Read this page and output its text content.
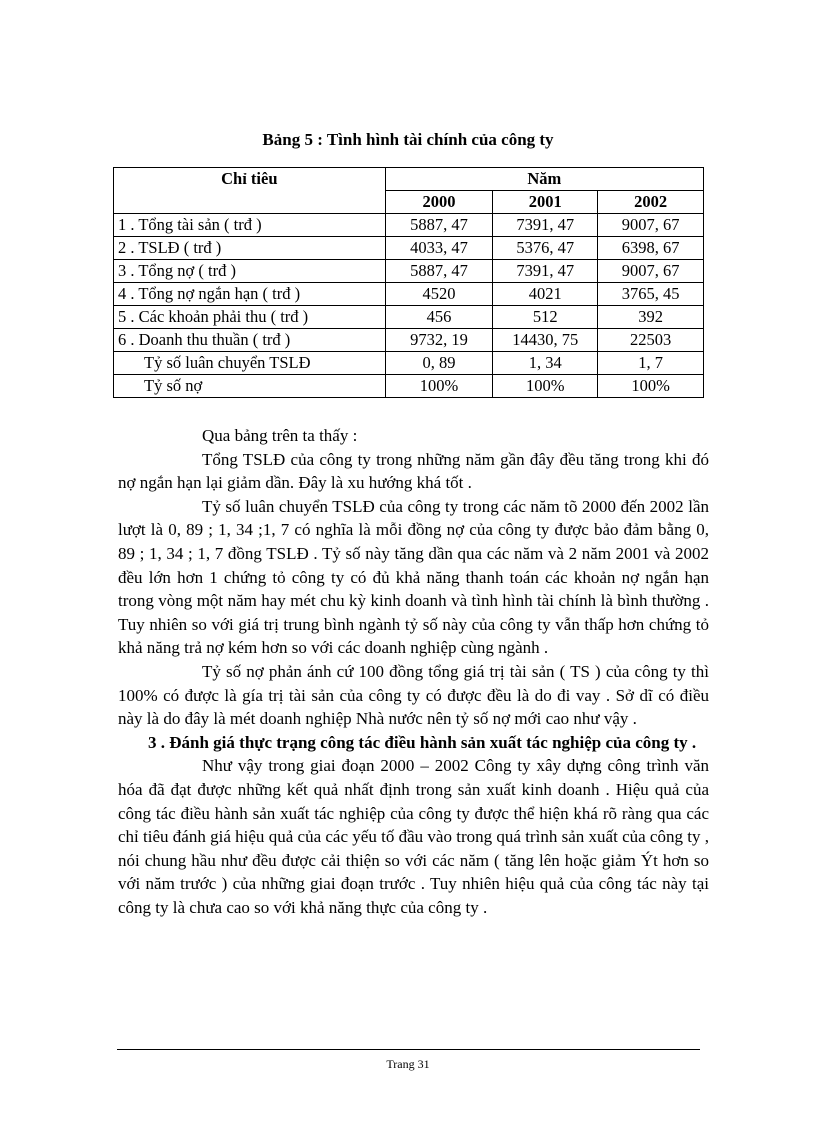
Bảng 5 : Tình hình tài chính của công ty
Chỉ tiêu	Năm		
	2000	2001	2002
1 . Tổng tài sản ( trđ )	5887, 47	7391, 47	9007, 67
2 . TSLĐ ( trđ )	4033, 47	5376, 47	6398, 67
3 . Tổng nợ ( trđ )	5887, 47	7391, 47	9007, 67
4 . Tổng nợ ngắn hạn ( trđ )	4520	4021	3765, 45
5 . Các khoản phải thu ( trđ )	456	512	392
6 . Doanh thu thuần ( trđ )	9732, 19	14430, 75	22503
Tỷ số luân chuyển TSLĐ	0, 89	1, 34	1, 7
Tỷ số nợ	100%	100%	100%

Qua bảng trên ta thấy :

Tổng TSLĐ của công ty trong những năm gần đây đều tăng trong khi đó nợ ngắn hạn lại giảm dần. Đây là xu hướng khá tốt .

Tỷ số luân chuyển TSLĐ của công ty trong các năm tõ 2000 đến 2002 lần lượt là 0, 89 ; 1, 34 ;1, 7 có nghĩa là mỗi đồng nợ của công ty được bảo đảm bằng 0, 89 ; 1, 34 ; 1, 7 đồng TSLĐ . Tỷ số này tăng dần qua các năm và 2 năm 2001 và 2002 đều lớn hơn 1 chứng tỏ công ty có đủ khả năng thanh toán các khoản nợ ngắn hạn trong vòng một năm hay mét chu kỳ kinh doanh và tình hình tài chính là bình thường . Tuy nhiên so với giá trị trung bình ngành tỷ số này của công ty vẫn thấp hơn chứng tỏ khả năng trả nợ kém hơn so với các doanh nghiệp cùng ngành .

Tỷ số nợ phản ánh cứ 100 đồng tổng giá trị tài sản ( TS ) của công ty thì 100% có được là gía trị tài sản của công ty có được đều là do đi vay . Sở dĩ có điều này là do đây là mét doanh nghiệp Nhà nước nên tỷ số nợ mới cao như vậy .

3 . Đánh giá thực trạng công tác điều hành sản xuất tác nghiệp của công ty .

Như vậy trong giai đoạn 2000 – 2002 Công ty xây dựng công trình văn hóa đã đạt được những kết quả nhất định trong sản xuất kinh doanh . Hiệu quả của công tác điều hành sản xuất tác nghiệp của công ty được thể hiện khá rõ ràng qua các chỉ tiêu đánh giá hiệu quả của các yếu tố đầu vào trong quá trình sản xuất của công ty , nói chung hầu như đều được cải thiện so với các năm ( tăng lên hoặc giảm Ýt hơn so với năm trước ) của những giai đoạn trước . Tuy nhiên hiệu quả của công tác này tại công ty là chưa cao so với khả năng thực của công ty .

Trang 31
